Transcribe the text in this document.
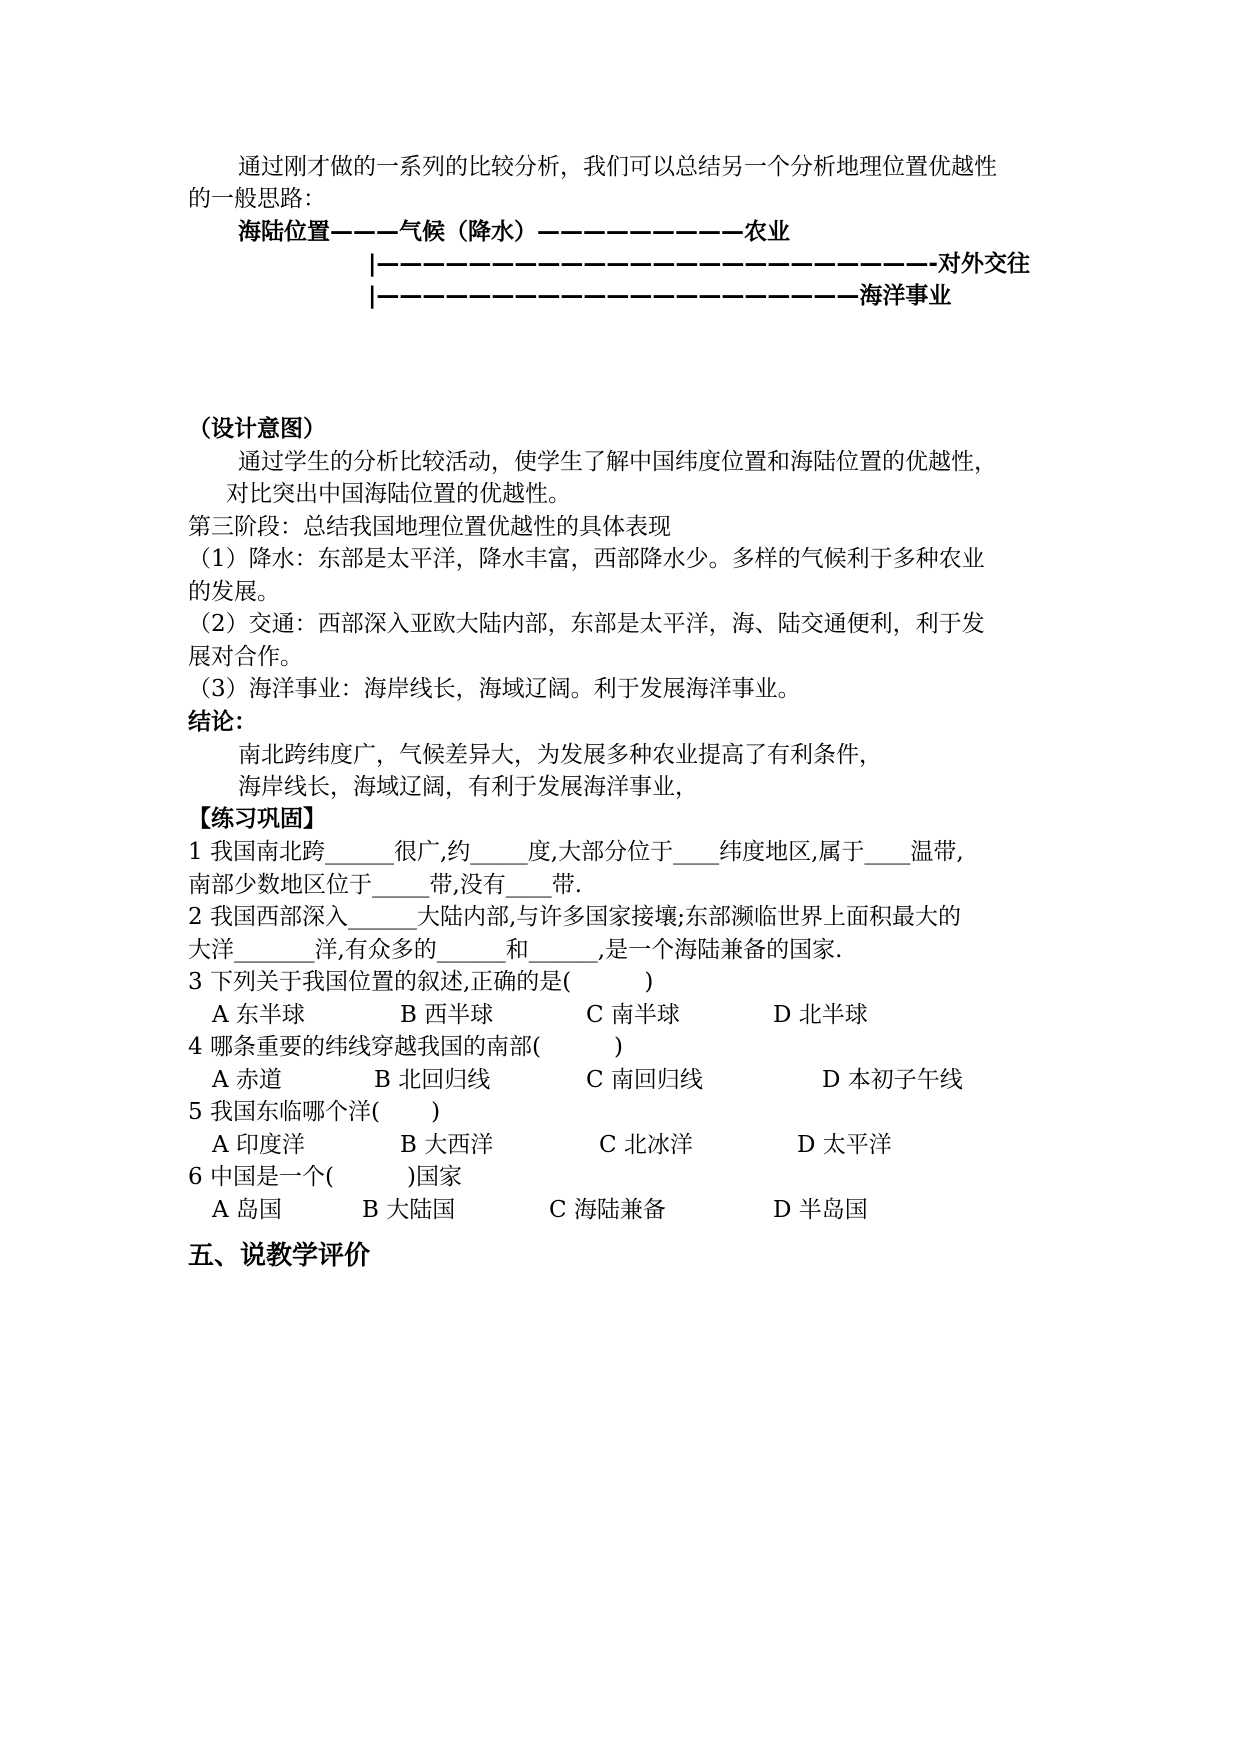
通过刚才做的一系列的比较分析，我们可以总结另一个分析地理位置优越性
的一般思路：
海陆位置———气候（降水）—————————农业
|————————————————————————-对外交往
|—————————————————————海洋事业
（设计意图）
通过学生的分析比较活动，使学生了解中国纬度位置和海陆位置的优越性，
对比突出中国海陆位置的优越性。
第三阶段：总结我国地理位置优越性的具体表现
（1）降水：东部是太平洋，降水丰富，西部降水少。多样的气候利于多种农业
的发展。
（2）交通：西部深入亚欧大陆内部，东部是太平洋，海、陆交通便利，利于发
展对合作。
（3）海洋事业：海岸线长，海域辽阔。利于发展海洋事业。
结论：
南北跨纬度广，气候差异大，为发展多种农业提高了有利条件，
海岸线长，海域辽阔，有利于发展海洋事业，
【练习巩固】
1 我国南北跨______很广,约_____度,大部分位于____纬度地区,属于____温带,
南部少数地区位于_____带,没有____带.
2 我国西部深入______大陆内部,与许多国家接壤;东部濒临世界上面积最大的
大洋_______洋,有众多的______和______,是一个海陆兼备的国家.
3 下列关于我国位置的叙述,正确的是(          )
A 东半球	B 西半球	C 南半球	D 北半球
4 哪条重要的纬线穿越我国的南部(          )
A 赤道	B 北回归线	C 南回归线	D 本初子午线
5 我国东临哪个洋(       )
A 印度洋	B 大西洋	C 北冰洋	D 太平洋
6 中国是一个(          )国家
A 岛国	B 大陆国	C 海陆兼备	D 半岛国
五、说教学评价
